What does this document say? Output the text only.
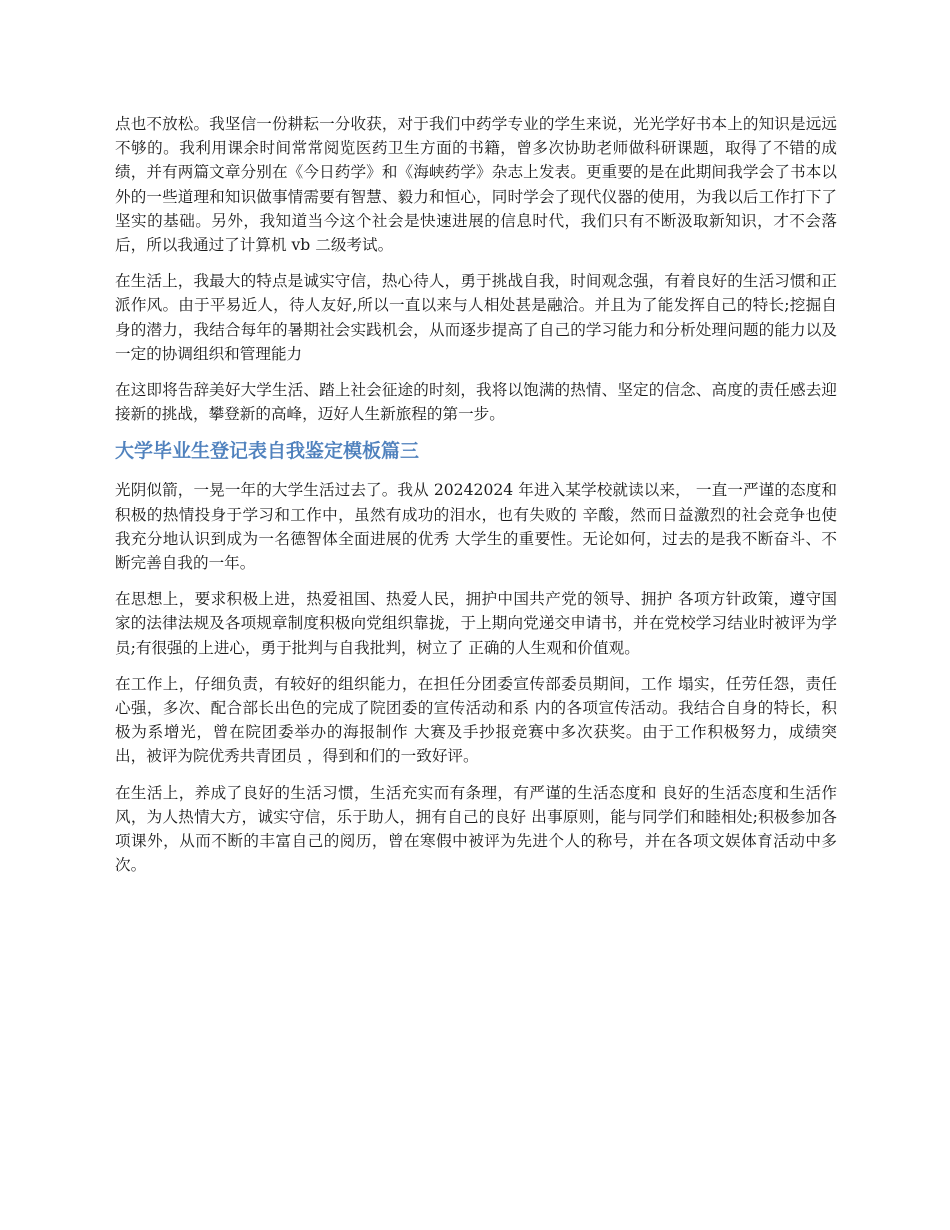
点也不放松。我坚信一份耕耘一分收获，对于我们中药学专业的学生来说，光光学好书本上的知识是远远不够的。我利用课余时间常常阅览医药卫生方面的书籍，曾多次协助老师做科研课题，取得了不错的成绩，并有两篇文章分别在《今日药学》和《海峡药学》杂志上发表。更重要的是在此期间我学会了书本以外的一些道理和知识做事情需要有智慧、毅力和恒心，同时学会了现代仪器的使用，为我以后工作打下了坚实的基础。另外，我知道当今这个社会是快速进展的信息时代，我们只有不断汲取新知识，才不会落后，所以我通过了计算机 vb 二级考试。

在生活上，我最大的特点是诚实守信，热心待人，勇于挑战自我，时间观念强，有着良好的生活习惯和正派作风。由于平易近人，待人友好,所以一直以来与人相处甚是融洽。并且为了能发挥自己的特长;挖掘自身的潜力，我结合每年的暑期社会实践机会，从而逐步提高了自己的学习能力和分析处理问题的能力以及一定的协调组织和管理能力

在这即将告辞美好大学生活、踏上社会征途的时刻，我将以饱满的热情、坚定的信念、高度的责任感去迎接新的挑战，攀登新的高峰，迈好人生新旅程的第一步。

大学毕业生登记表自我鉴定模板篇三

光阴似箭，一晃一年的大学生活过去了。我从 20242024 年进入某学校就读以来， 一直一严谨的态度和积极的热情投身于学习和工作中，虽然有成功的泪水，也有失败的 辛酸，然而日益激烈的社会竞争也使我充分地认识到成为一名德智体全面进展的优秀 大学生的重要性。无论如何，过去的是我不断奋斗、不断完善自我的一年。

在思想上，要求积极上进，热爱祖国、热爱人民，拥护中国共产党的领导、拥护 各项方针政策，遵守国家的法律法规及各项规章制度积极向党组织靠拢，于上期向党递交申请书，并在党校学习结业时被评为学员;有很强的上进心，勇于批判与自我批判，树立了 正确的人生观和价值观。

在工作上，仔细负责，有较好的组织能力，在担任分团委宣传部委员期间，工作 塌实，任劳任怨，责任心强，多次、配合部长出色的完成了院团委的宣传活动和系 内的各项宣传活动。我结合自身的特长，积极为系增光，曾在院团委举办的海报制作 大赛及手抄报竞赛中多次获奖。由于工作积极努力，成绩突出，被评为院优秀共青团员 ，得到和们的一致好评。

在生活上，养成了良好的生活习惯，生活充实而有条理，有严谨的生活态度和 良好的生活态度和生活作风，为人热情大方，诚实守信，乐于助人，拥有自己的良好 出事原则，能与同学们和睦相处;积极参加各项课外，从而不断的丰富自己的阅历，曾在寒假中被评为先进个人的称号，并在各项文娱体育活动中多次。
